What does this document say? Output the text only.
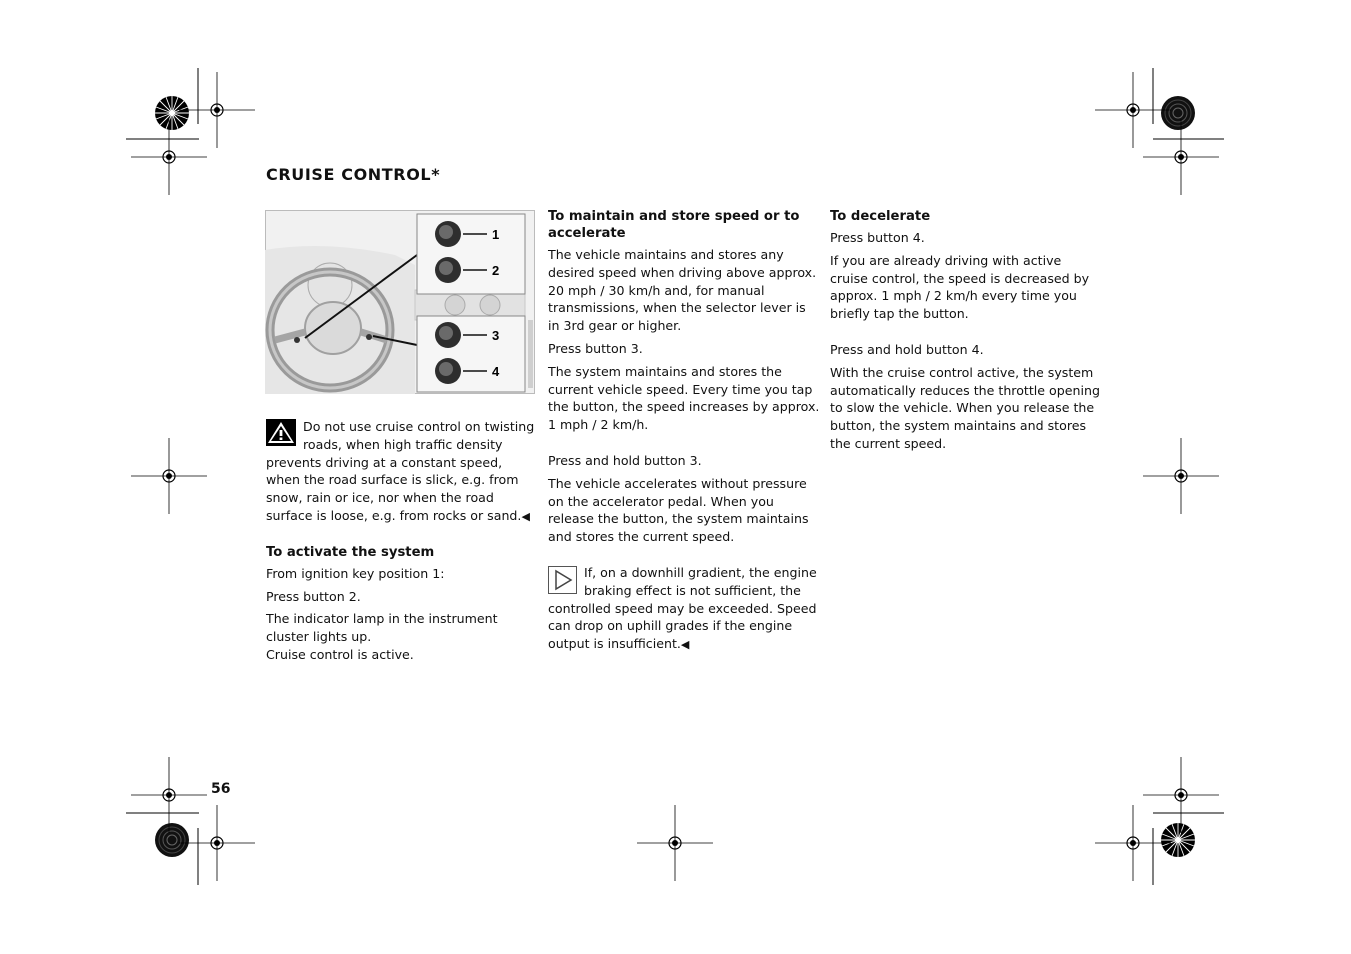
CRUISE CONTROL*
1
2
3
4

Do not use cruise control on twisting roads, when high traffic density prevents driving at a constant speed, when the road surface is slick, e.g. from snow, rain or ice, nor when the road surface is loose, e.g. from rocks or sand.◀

To activate the system

From ignition key position 1:

Press button 2.

The indicator lamp in the instrument cluster lights up.

Cruise control is active.

To maintain and store speed or to accelerate

The vehicle maintains and stores any desired speed when driving above approx. 20 mph / 30 km/h and, for manual transmissions, when the selector lever is in 3rd gear or higher.

Press button 3.

The system maintains and stores the current vehicle speed. Every time you tap the button, the speed increases by approx.

1 mph / 2 km/h.

Press and hold button 3.

The vehicle accelerates without pressure on the accelerator pedal. When you release the button, the system maintains and stores the current speed.

If, on a downhill gradient, the engine braking effect is not sufficient, the controlled speed may be exceeded. Speed can drop on uphill grades if the engine output is insufficient.◀

To decelerate

Press button 4.

If you are already driving with active cruise control, the speed is decreased by approx. 1 mph / 2 km/h every time you briefly tap the button.

Press and hold button 4.

With the cruise control active, the system automatically reduces the throttle opening to slow the vehicle. When you release the button, the system maintains and stores the current speed.

56
